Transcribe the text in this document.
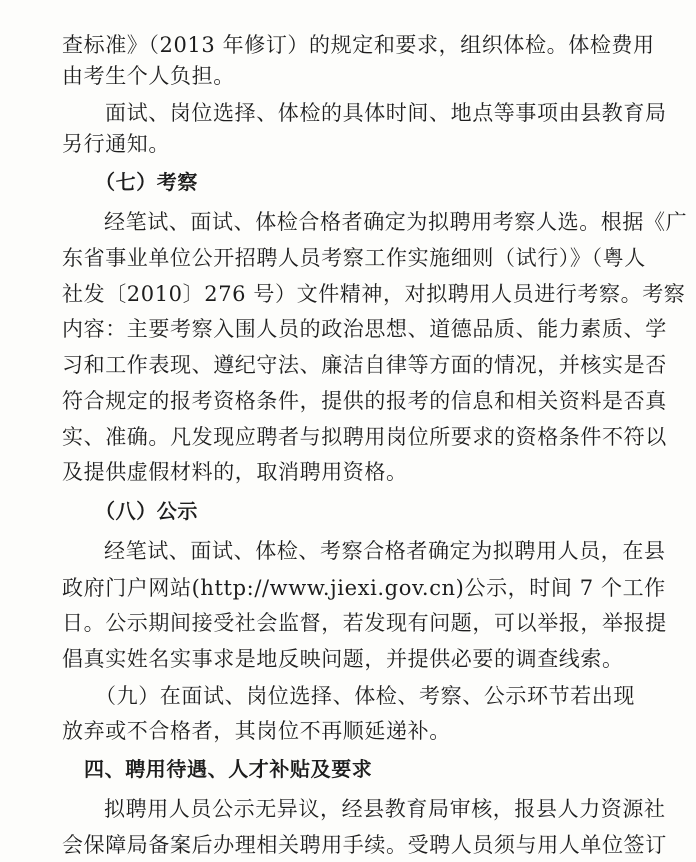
查标准》（2013 年修订）的规定和要求，组织体检。体检费用
由考生个人负担。
面试、岗位选择、体检的具体时间、地点等事项由县教育局
另行通知。
（七）考察
经笔试、面试、体检合格者确定为拟聘用考察人选。根据《广
东省事业单位公开招聘人员考察工作实施细则（试行）》（粤人
社发〔2010〕276 号）文件精神，对拟聘用人员进行考察。考察
内容：主要考察入围人员的政治思想、道德品质、能力素质、学
习和工作表现、遵纪守法、廉洁自律等方面的情况，并核实是否
符合规定的报考资格条件，提供的报考的信息和相关资料是否真
实、准确。凡发现应聘者与拟聘用岗位所要求的资格条件不符以
及提供虚假材料的，取消聘用资格。
（八）公示
经笔试、面试、体检、考察合格者确定为拟聘用人员，在县
政府门户网站(http://www.jiexi.gov.cn)公示，时间 7 个工作
日。公示期间接受社会监督，若发现有问题，可以举报，举报提
倡真实姓名实事求是地反映问题，并提供必要的调查线索。
（九）在面试、岗位选择、体检、考察、公示环节若出现
放弃或不合格者，其岗位不再顺延递补。
四、聘用待遇、人才补贴及要求
拟聘用人员公示无异议，经县教育局审核，报县人力资源社
会保障局备案后办理相关聘用手续。受聘人员须与用人单位签订
